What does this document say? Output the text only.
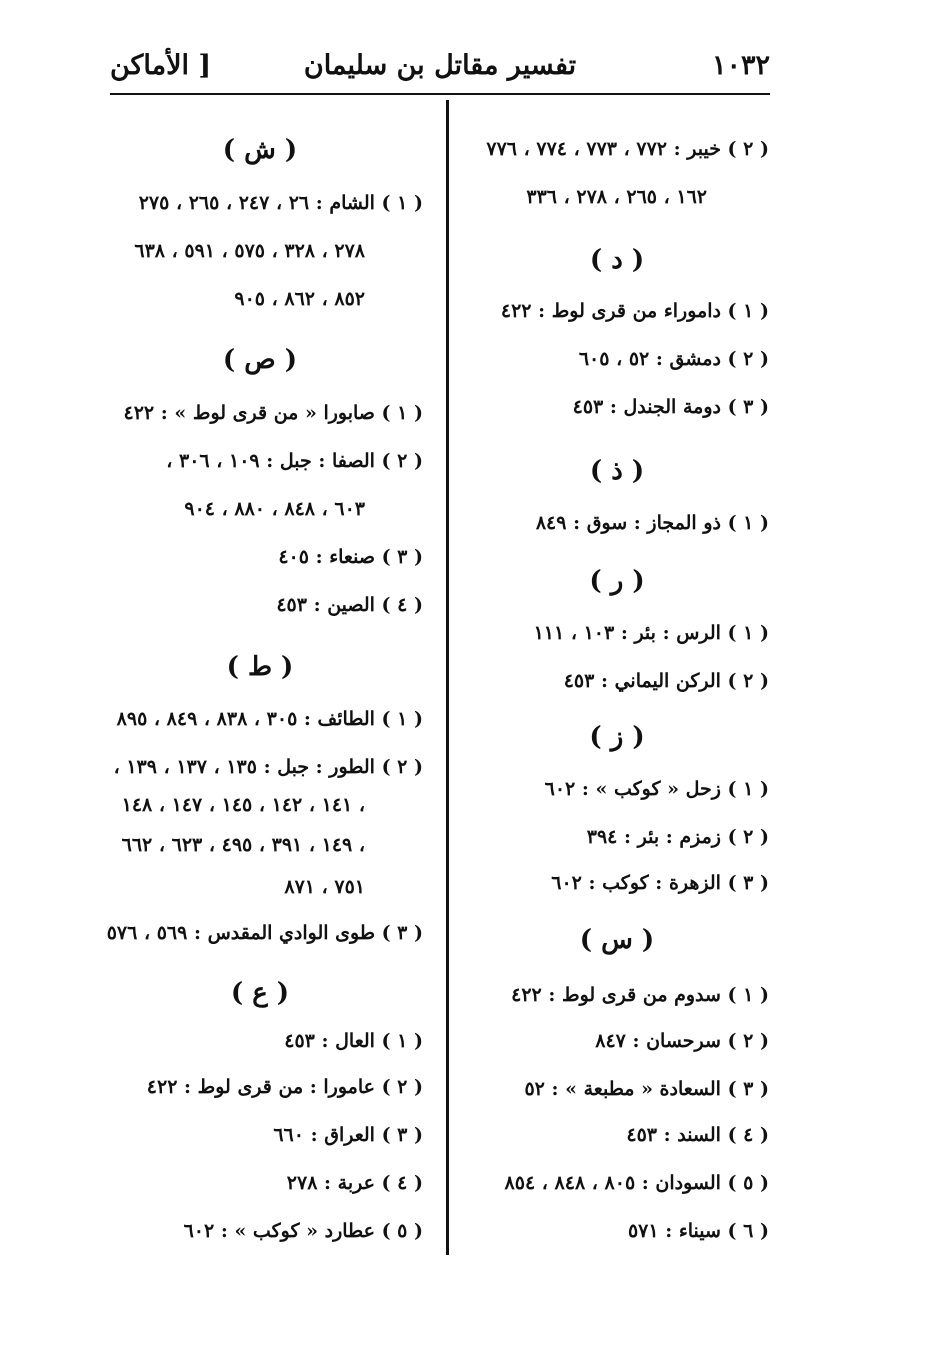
١٠٣٢
تفسير مقاتل بن سليمان
[ الأماكن
( ٢ ) خيبر : ٧٧٢ ، ٧٧٣ ، ٧٧٤ ، ٧٧٦
١٦٢ ، ٢٦٥ ، ٢٧٨ ، ٣٣٦
( د )
( ١ ) داموراء من قرى لوط : ٤٢٢
( ٢ ) دمشق : ٥٢ ، ٦٠٥
( ٣ ) دومة الجندل : ٤٥٣
( ذ )
( ١ ) ذو المجاز : سوق : ٨٤٩
( ر )
( ١ ) الرس : بئر : ١٠٣ ، ١١١
( ٢ ) الركن اليماني : ٤٥٣
( ز )
( ١ ) زحل « كوكب » : ٦٠٢
( ٢ ) زمزم : بئر : ٣٩٤
( ٣ ) الزهرة : كوكب : ٦٠٢
( س )
( ١ ) سدوم من قرى لوط : ٤٢٢
( ٢ ) سرحسان : ٨٤٧
( ٣ ) السعادة « مطبعة » : ٥٢
( ٤ ) السند : ٤٥٣
( ٥ ) السودان : ٨٠٥ ، ٨٤٨ ، ٨٥٤
( ٦ ) سيناء : ٥٧١
( ش )
( ١ ) الشام : ٢٦ ، ٢٤٧ ، ٢٦٥ ، ٢٧٥
٢٧٨ ، ٣٢٨ ، ٥٧٥ ، ٥٩١ ، ٦٣٨
٨٥٢ ، ٨٦٢ ، ٩٠٥
( ص )
( ١ ) صابورا « من قرى لوط » : ٤٢٢
( ٢ ) الصفا : جبل : ١٠٩ ، ٣٠٦ ،
٦٠٣ ، ٨٤٨ ، ٨٨٠ ، ٩٠٤
( ٣ ) صنعاء : ٤٠٥
( ٤ ) الصين : ٤٥٣
( ط )
( ١ ) الطائف : ٣٠٥ ، ٨٣٨ ، ٨٤٩ ، ٨٩٥
( ٢ ) الطور : جبل : ١٣٥ ، ١٣٧ ، ١٣٩ ،
١٤١ ، ١٤٢ ، ١٤٥ ، ١٤٧ ، ١٤٨ ،
١٤٩ ، ٣٩١ ، ٤٩٥ ، ٦٢٣ ، ٦٦٢ ،
٧٥١ ، ٨٧١
( ٣ ) طوى الوادي المقدس : ٥٦٩ ، ٥٧٦
( ع )
( ١ ) العال : ٤٥٣
( ٢ ) عامورا : من قرى لوط : ٤٢٢
( ٣ ) العراق : ٦٦٠
( ٤ ) عربة : ٢٧٨
( ٥ ) عطارد « كوكب » : ٦٠٢
